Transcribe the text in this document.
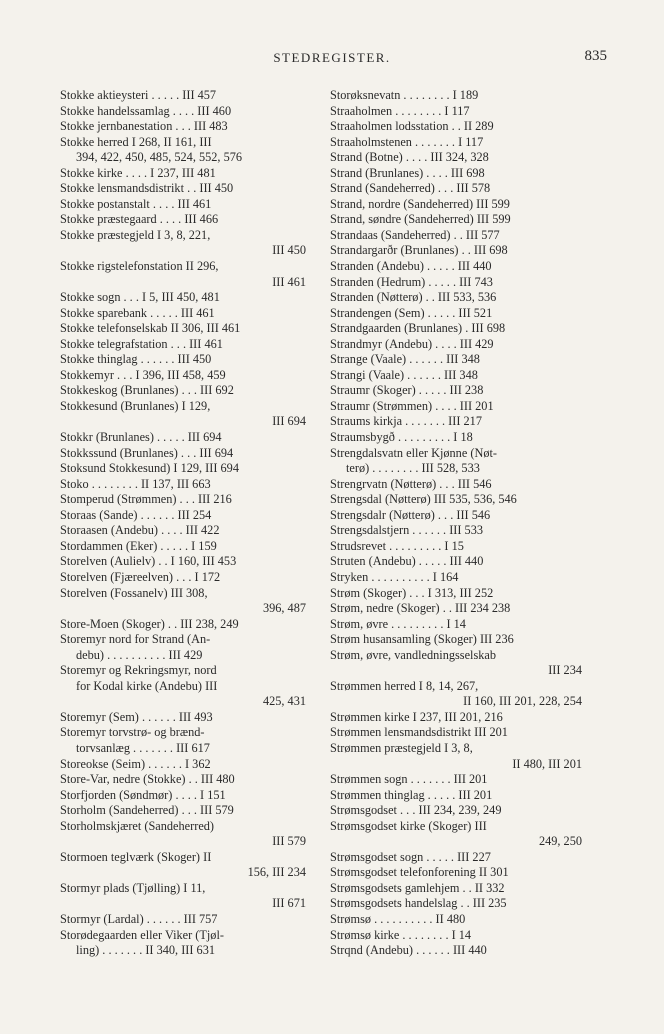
STEDREGISTER.	835
Stokke aktieysteri . . . . . III 457
Stokke handelssamlag . . . . III 460
Stokke jernbanestation . . . III 483
Stokke herred I 268, II 161, III
394, 422, 450, 485, 524, 552, 576
Stokke kirke . . . . I 237, III 481
Stokke lensmandsdistrikt . . III 450
Stokke postanstalt . . . . III 461
Stokke præstegaard . . . . III 466
Stokke præstegjeld I 3, 8, 221,
III 450
Stokke rigstelefonstation II 296,
III 461
Stokke sogn . . . I 5, III 450, 481
Stokke sparebank . . . . . III 461
Stokke telefonselskab II 306, III 461
Stokke telegrafstation . . . III 461
Stokke thinglag . . . . . . III 450
Stokkemyr . . . I 396, III 458, 459
Stokkeskog (Brunlanes) . . . III 692
Stokkesund (Brunlanes) I 129,
III 694
Stokkr (Brunlanes) . . . . . III 694
Stokkssund (Brunlanes) . . . III 694
Stoksund Stokkesund) I 129, III 694
Stoko . . . . . . . . II 137, III 663
Stomperud (Strømmen) . . . III 216
Storaas (Sande) . . . . . . III 254
Storaasen (Andebu) . . . . III 422
Stordammen (Eker) . . . . . I 159
Storelven (Aulielv) . . I 160, III 453
Storelven (Fjæreelven) . . . I 172
Storelven (Fossanelv) III 308,
396, 487
Store-Moen (Skoger) . . III 238, 249
Storemyr nord for Strand (An-
debu) . . . . . . . . . . III 429
Storemyr og Rekringsmyr, nord
for Kodal kirke (Andebu) III
425, 431
Storemyr (Sem) . . . . . . III 493
Storemyr torvstrø- og brænd-
torvsanlæg . . . . . . . III 617
Storeokse (Seim) . . . . . . I 362
Store-Var, nedre (Stokke) . . III 480
Storfjorden (Søndmør) . . . . I 151
Storholm (Sandeherred) . . . III 579
Storholmskjæret (Sandeherred)
III 579
Stormoen teglværk (Skoger) II
156, III 234
Stormyr plads (Tjølling) I 11,
III 671
Stormyr (Lardal) . . . . . . III 757
Storødegaarden eller Viker (Tjøl-
ling) . . . . . . . II 340, III 631
Storøksnevatn . . . . . . . . I 189
Straaholmen . . . . . . . . I 117
Straaholmen lodsstation . . II 289
Straaholmstenen . . . . . . . I 117
Strand (Botne) . . . . III 324, 328
Strand (Brunlanes) . . . . III 698
Strand (Sandeherred) . . . III 578
Strand, nordre (Sandeherred) III 599
Strand, søndre (Sandeherred) III 599
Strandaas (Sandeherred) . . III 577
Strandargarðr (Brunlanes) . . III 698
Stranden (Andebu) . . . . . III 440
Stranden (Hedrum) . . . . . III 743
Stranden (Nøtterø) . . III 533, 536
Strandengen (Sem) . . . . . III 521
Strandgaarden (Brunlanes) . III 698
Strandmyr (Andebu) . . . . III 429
Strange (Vaale) . . . . . . III 348
Strangi (Vaale) . . . . . . III 348
Straumr (Skoger) . . . . . III 238
Straumr (Strømmen) . . . . III 201
Straums kirkja . . . . . . . III 217
Straumsbygð . . . . . . . . . I 18
Strengdalsvatn eller Kjønne (Nøt-
terø) . . . . . . . . III 528, 533
Strengrvatn (Nøtterø) . . . III 546
Strengsdal (Nøtterø) III 535, 536, 546
Strengsdalr (Nøtterø) . . . III 546
Strengsdalstjern . . . . . . III 533
Strudsrevet . . . . . . . . . I 15
Struten (Andebu) . . . . . III 440
Stryken . . . . . . . . . . I 164
Strøm (Skoger) . . . I 313, III 252
Strøm, nedre (Skoger) . . III 234 238
Strøm, øvre . . . . . . . . . I 14
Strøm husansamling (Skoger) III 236
Strøm, øvre, vandledningsselskab
III 234
Strømmen herred I 8, 14, 267,
II 160, III 201, 228, 254
Strømmen kirke I 237, III 201, 216
Strømmen lensmandsdistrikt III 201
Strømmen præstegjeld I 3, 8,
II 480, III 201
Strømmen sogn . . . . . . . III 201
Strømmen thinglag . . . . . III 201
Strømsgodset . . . III 234, 239, 249
Strømsgodset kirke (Skoger) III
249, 250
Strømsgodset sogn . . . . . III 227
Strømsgodset telefonforening II 301
Strømsgodsets gamlehjem . . II 332
Strømsgodsets handelslag . . III 235
Strømsø . . . . . . . . . . II 480
Strømsø kirke . . . . . . . . I 14
Strqnd (Andebu) . . . . . . III 440
